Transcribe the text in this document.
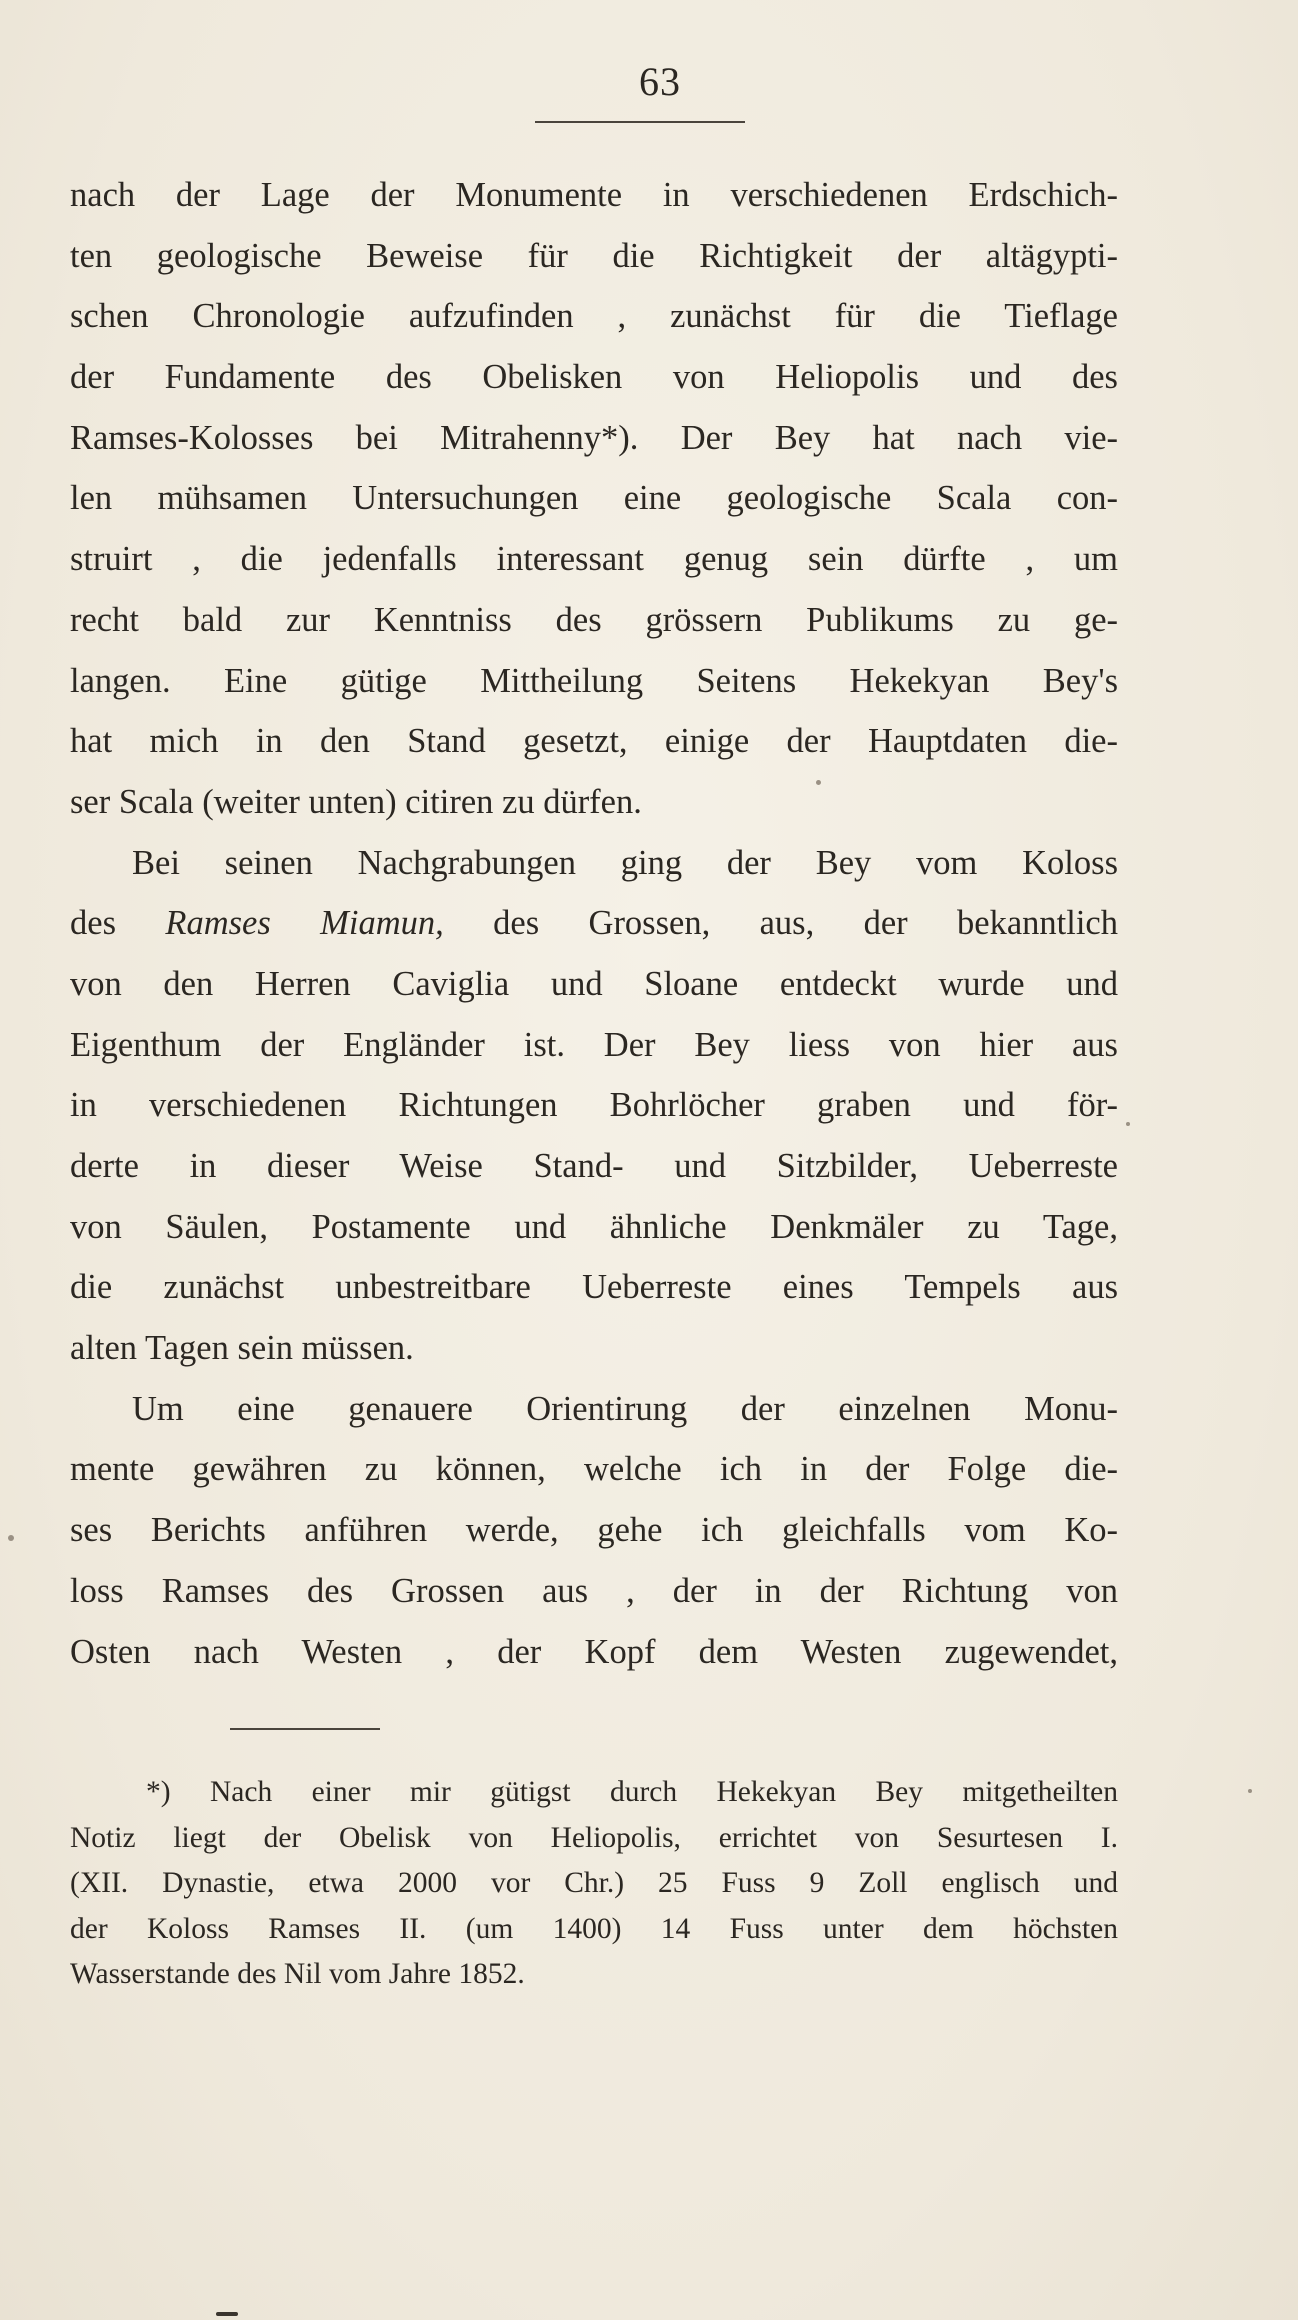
63
nach der Lage der Monumente in verschiedenen Erdschich-
ten geologische Beweise für die Richtigkeit der altägypti-
schen Chronologie aufzufinden , zunächst für die Tieflage
der Fundamente des Obelisken von Heliopolis und des
Ramses-Kolosses bei Mitrahenny*). Der Bey hat nach vie-
len mühsamen Untersuchungen eine geologische Scala con-
struirt , die jedenfalls interessant genug sein dürfte , um
recht bald zur Kenntniss des grössern Publikums zu ge-
langen. Eine gütige Mittheilung Seitens Hekekyan Bey's
hat mich in den Stand gesetzt, einige der Hauptdaten die-
ser Scala (weiter unten) citiren zu dürfen.
Bei seinen Nachgrabungen ging der Bey vom Koloss
des Ramses Miamun, des Grossen, aus, der bekanntlich
von den Herren Caviglia und Sloane entdeckt wurde und
Eigenthum der Engländer ist. Der Bey liess von hier aus
in verschiedenen Richtungen Bohrlöcher graben und för-
derte in dieser Weise Stand- und Sitzbilder, Ueberreste
von Säulen, Postamente und ähnliche Denkmäler zu Tage,
die zunächst unbestreitbare Ueberreste eines Tempels aus
alten Tagen sein müssen.
Um eine genauere Orientirung der einzelnen Monu-
mente gewähren zu können, welche ich in der Folge die-
ses Berichts anführen werde, gehe ich gleichfalls vom Ko-
loss Ramses des Grossen aus , der in der Richtung von
Osten nach Westen , der Kopf dem Westen zugewendet,
*) Nach einer mir gütigst durch Hekekyan Bey mitgetheilten
Notiz liegt der Obelisk von Heliopolis, errichtet von Sesurtesen I.
(XII. Dynastie, etwa 2000 vor Chr.) 25 Fuss 9 Zoll englisch und
der Koloss Ramses II. (um 1400) 14 Fuss unter dem höchsten
Wasserstande des Nil vom Jahre 1852.
